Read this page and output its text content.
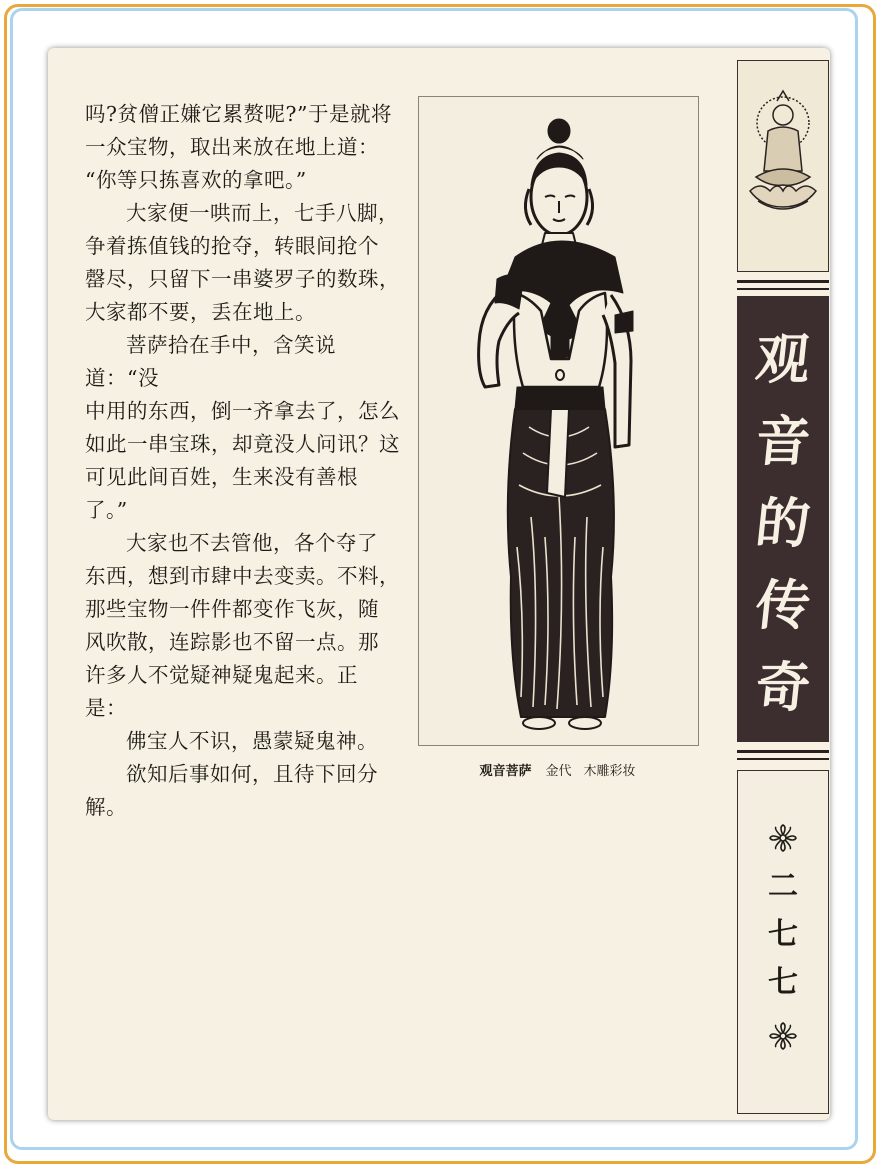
吗?贫僧正嫌它累赘呢?”于是就将
一众宝物，取出来放在地上道：
“你等只拣喜欢的拿吧。”

大家便一哄而上，七手八脚，
争着拣值钱的抢夺，转眼间抢个
罄尽，只留下一串婆罗子的数珠，
大家都不要，丢在地上。

菩萨拾在手中，含笑说道：“没
中用的东西，倒一齐拿去了，怎么
如此一串宝珠，却竟没人问讯？这
可见此间百姓，生来没有善根
了。”

大家也不去管他，各个夺了
东西，想到市肆中去变卖。不料，
那些宝物一件件都变作飞灰，随
风吹散，连踪影也不留一点。那
许多人不觉疑神疑鬼起来。正
是：

佛宝人不识，愚蒙疑鬼神。

欲知后事如何，且待下回分
解。

观音菩萨 金代 木雕彩妆
观
音
的
传
奇
二
七
七
